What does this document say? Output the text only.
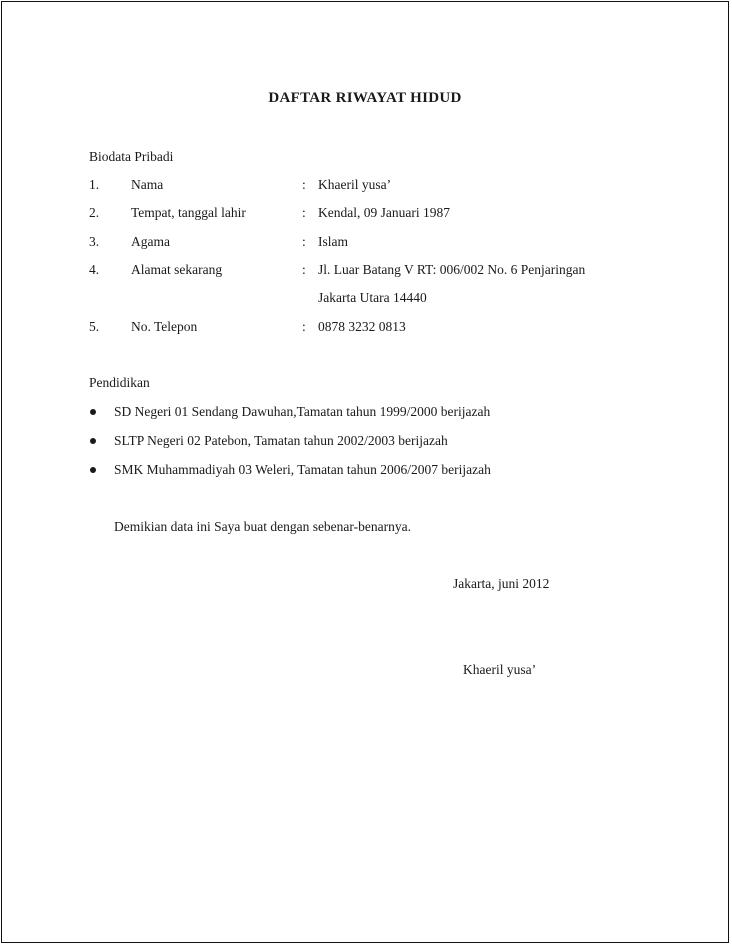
DAFTAR RIWAYAT HIDUD
Biodata Pribadi
1. Nama	: Khaeril yusa’
2. Tempat, tanggal lahir	: Kendal, 09 Januari 1987
3. Agama	: Islam
4. Alamat sekarang	: Jl. Luar Batang V RT: 006/002 No. 6 Penjaringan
Jakarta Utara 14440
5. No. Telepon	: 0878 3232 0813
Pendidikan
SD Negeri 01 Sendang Dawuhan,Tamatan tahun 1999/2000 berijazah
SLTP Negeri 02 Patebon, Tamatan tahun 2002/2003 berijazah
SMK Muhammadiyah 03 Weleri, Tamatan tahun 2006/2007 berijazah
Demikian data ini Saya buat dengan sebenar-benarnya.
Jakarta, juni 2012
Khaeril yusa’
